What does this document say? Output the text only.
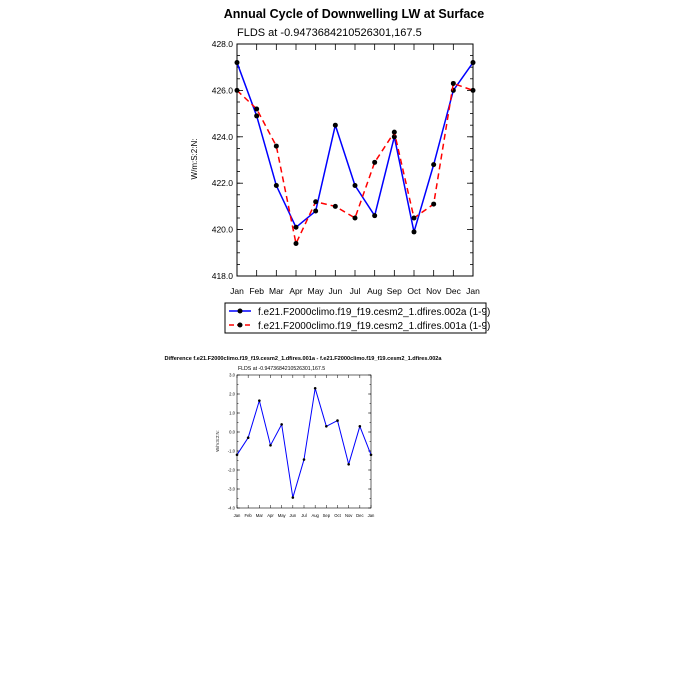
Annual Cycle of Downwelling LW at Surface
FLDS at -0.9473684210526301,167.5
W/m:S:2:N:
418.0
420.0
422.0
424.0
426.0
428.0
Jan Feb Mar Apr May Jun Jul Aug Sep Oct Nov Dec Jan
f.e21.F2000climo.f19_f19.cesm2_1.dfires.002a (1-9)
f.e21.F2000climo.f19_f19.cesm2_1.dfires.001a (1-9)
Difference f.e21.F2000climo.f19_f19.cesm2_1.dfires.001a - f.e21.F2000climo.f19_f19.cesm2_1.dfires.002a
FLDS at -0.9473684210526301,167.5
W/m:S:2:N:
-4.0
-3.0
-2.0
-1.0
0.0
1.0
2.0
3.0
Jan Feb Mar Apr May Jun Jul Aug Sep Oct Nov Dec Jan
